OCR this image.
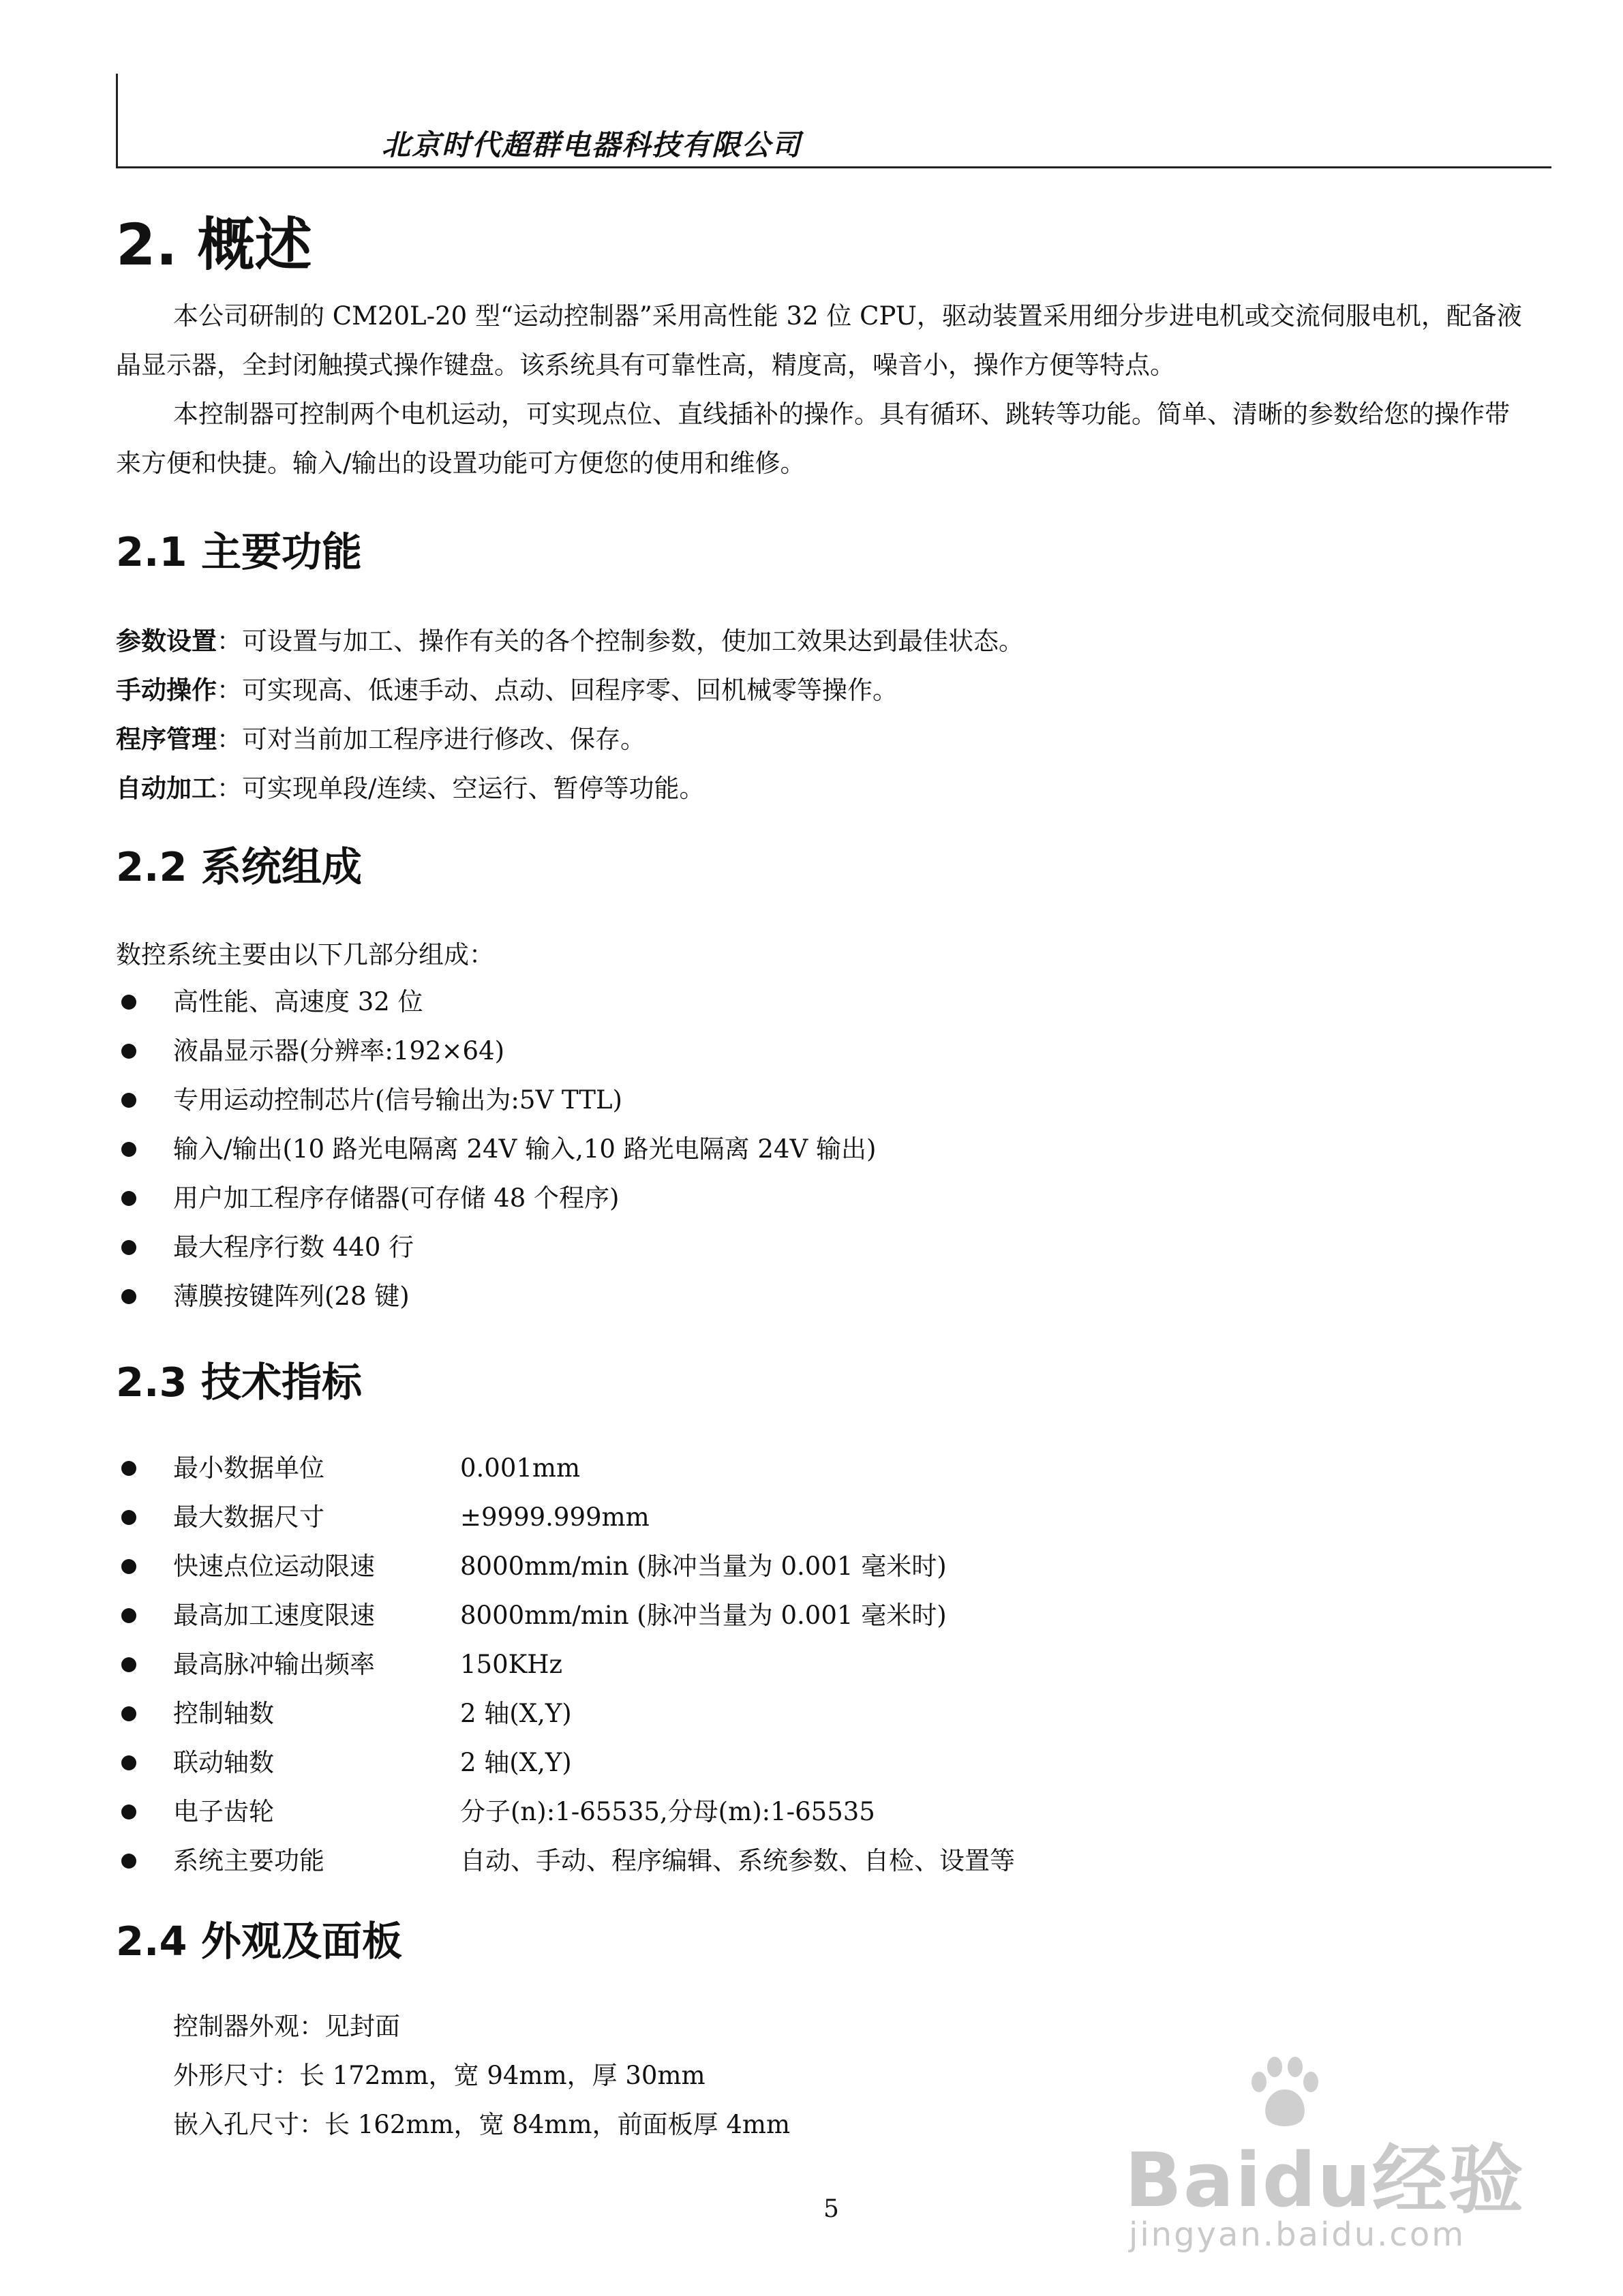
北京时代超群电器科技有限公司
2. 概述
本公司研制的 CM20L-20 型“运动控制器”采用高性能 32 位 CPU，驱动装置采用细分步进电机或交流伺服电机，配备液晶显示器，全封闭触摸式操作键盘。该系统具有可靠性高，精度高，噪音小，操作方便等特点。
本控制器可控制两个电机运动，可实现点位、直线插补的操作。具有循环、跳转等功能。简单、清晰的参数给您的操作带来方便和快捷。输入/输出的设置功能可方便您的使用和维修。
2.1 主要功能
参数设置：可设置与加工、操作有关的各个控制参数，使加工效果达到最佳状态。
手动操作：可实现高、低速手动、点动、回程序零、回机械零等操作。
程序管理：可对当前加工程序进行修改、保存。
自动加工：可实现单段/连续、空运行、暂停等功能。
2.2 系统组成
数控系统主要由以下几部分组成：
高性能、高速度 32 位
液晶显示器(分辨率:192×64)
专用运动控制芯片(信号输出为:5V TTL)
输入/输出(10 路光电隔离 24V 输入,10 路光电隔离 24V 输出)
用户加工程序存储器(可存储 48 个程序)
最大程序行数 440 行
薄膜按键阵列(28 键)
2.3 技术指标
最小数据单位	0.001mm
最大数据尺寸	±9999.999mm
快速点位运动限速	8000mm/min (脉冲当量为 0.001 毫米时)
最高加工速度限速	8000mm/min (脉冲当量为 0.001 毫米时)
最高脉冲输出频率	150KHz
控制轴数	2 轴(X,Y)
联动轴数	2 轴(X,Y)
电子齿轮	分子(n):1-65535,分母(m):1-65535
系统主要功能	自动、手动、程序编辑、系统参数、自检、设置等
2.4 外观及面板
控制器外观：见封面
外形尺寸：长 172mm，宽 94mm，厚 30mm
嵌入孔尺寸：长 162mm，宽 84mm，前面板厚 4mm
5	Baidu经验
jingyan.baidu.com
